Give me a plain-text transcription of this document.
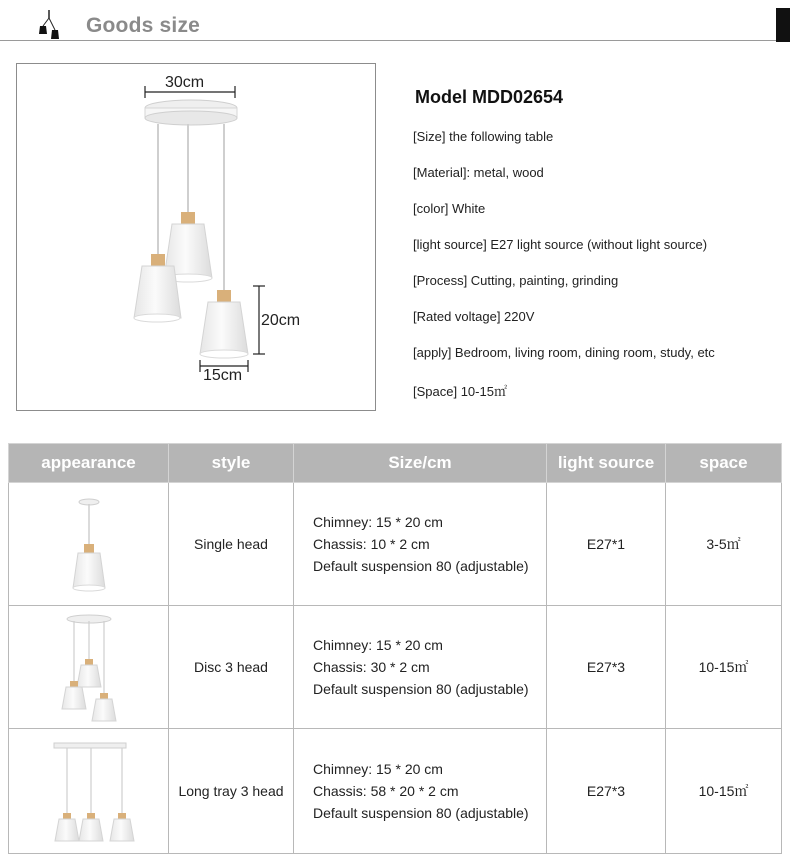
Goods size
30cm
20cm
15cm
Model MDD02654
[Size] the following table
[Material]: metal, wood
[color] White
[light source] E27 light source (without light source)
[Process] Cutting, painting, grinding
[Rated voltage] 220V
[apply] Bedroom, living room, dining room, study, etc
[Space] 10-15㎡
appearance	style	Size/cm	light source	space

	Single head	Chimney: 15 * 20 cm
Chassis: 10 * 2 cm
Default suspension 80 (adjustable)	E27*1	3-5㎡

	Disc 3 head	Chimney: 15 * 20 cm
Chassis: 30 * 2 cm
Default suspension 80 (adjustable)	E27*3	10-15㎡

	Long tray 3 head	Chimney: 15 * 20 cm
Chassis: 58 * 20 * 2 cm
Default suspension 80 (adjustable)	E27*3	10-15㎡
